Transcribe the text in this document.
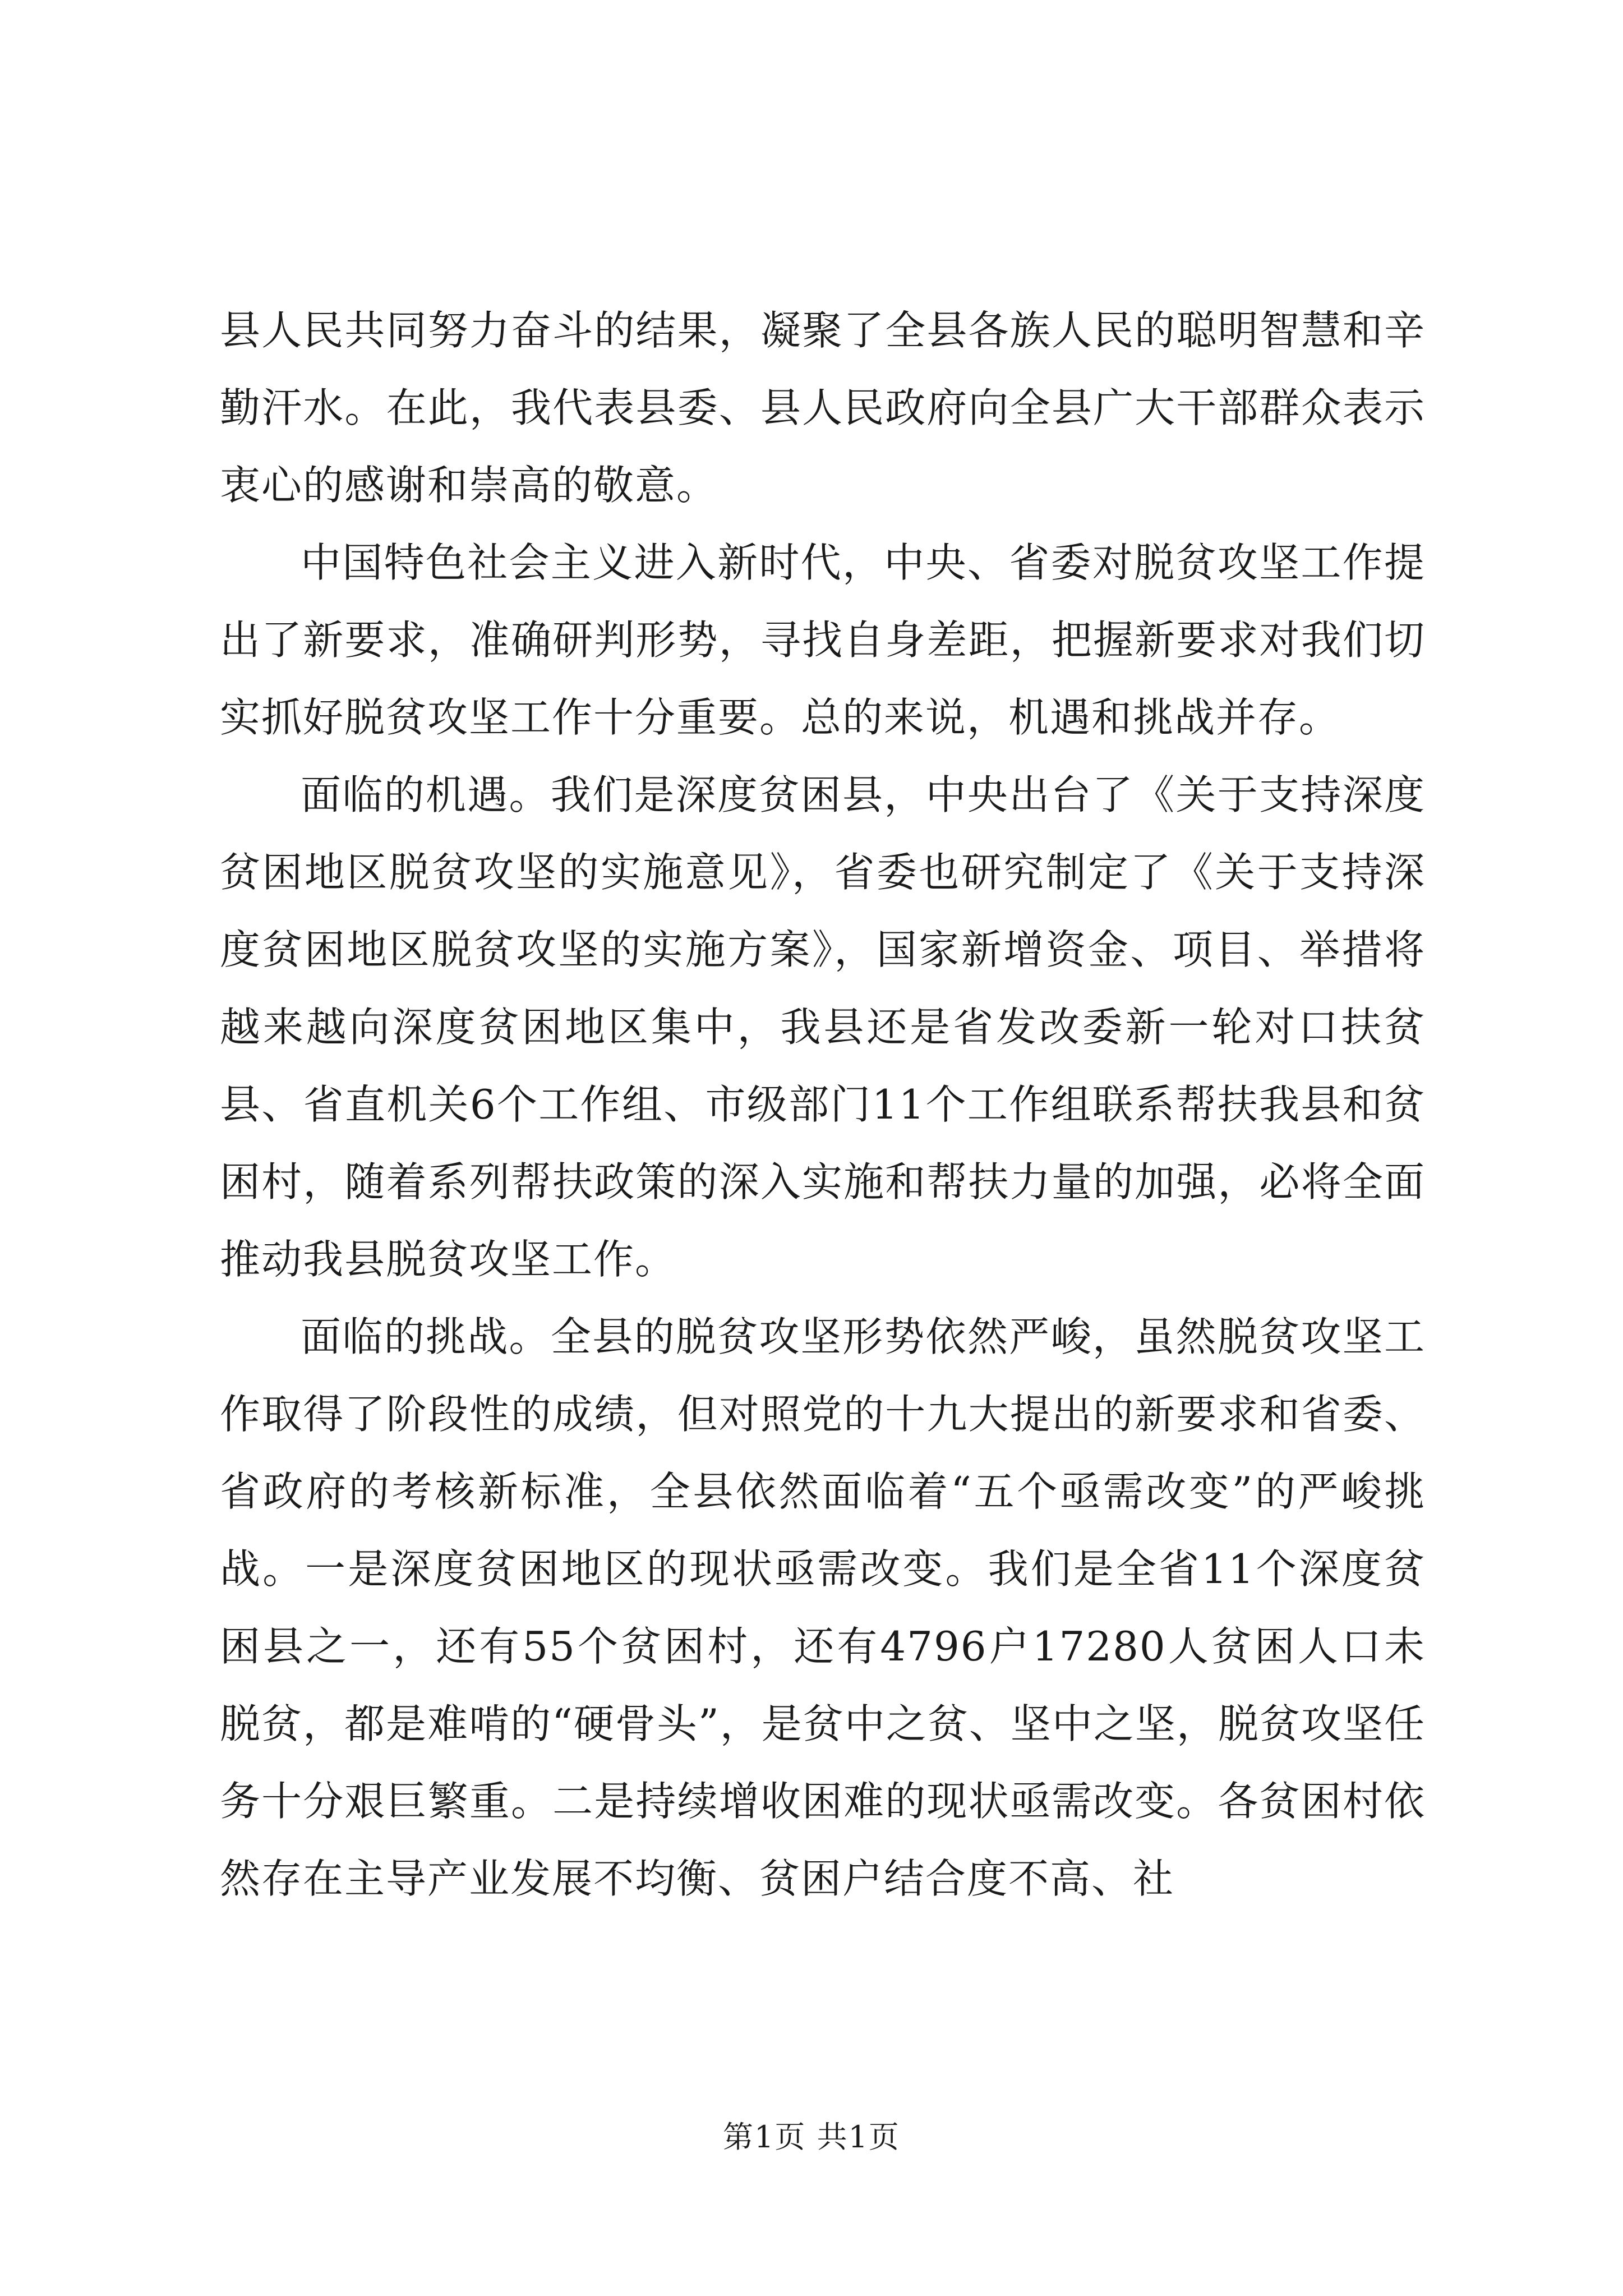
县人民共同努力奋斗的结果，凝聚了全县各族人民的聪明智慧和辛勤汗水。在此，我代表县委、县人民政府向全县广大干部群众表示衷心的感谢和崇高的敬意。

中国特色社会主义进入新时代，中央、省委对脱贫攻坚工作提出了新要求，准确研判形势，寻找自身差距，把握新要求对我们切实抓好脱贫攻坚工作十分重要。总的来说，机遇和挑战并存。

面临的机遇。我们是深度贫困县，中央出台了《关于支持深度贫困地区脱贫攻坚的实施意见》，省委也研究制定了《关于支持深度贫困地区脱贫攻坚的实施方案》，国家新增资金、项目、举措将越来越向深度贫困地区集中，我县还是省发改委新一轮对口扶贫县、省直机关6个工作组、市级部门11个工作组联系帮扶我县和贫困村，随着系列帮扶政策的深入实施和帮扶力量的加强，必将全面推动我县脱贫攻坚工作。

面临的挑战。全县的脱贫攻坚形势依然严峻，虽然脱贫攻坚工作取得了阶段性的成绩，但对照党的十九大提出的新要求和省委、省政府的考核新标准，全县依然面临着“五个亟需改变”的严峻挑战。一是深度贫困地区的现状亟需改变。我们是全省11个深度贫困县之一，还有55个贫困村，还有4796户17280人贫困人口未脱贫，都是难啃的“硬骨头”，是贫中之贫、坚中之坚，脱贫攻坚任务十分艰巨繁重。二是持续增收困难的现状亟需改变。各贫困村依然存在主导产业发展不均衡、贫困户结合度不高、社

第1页 共1页
